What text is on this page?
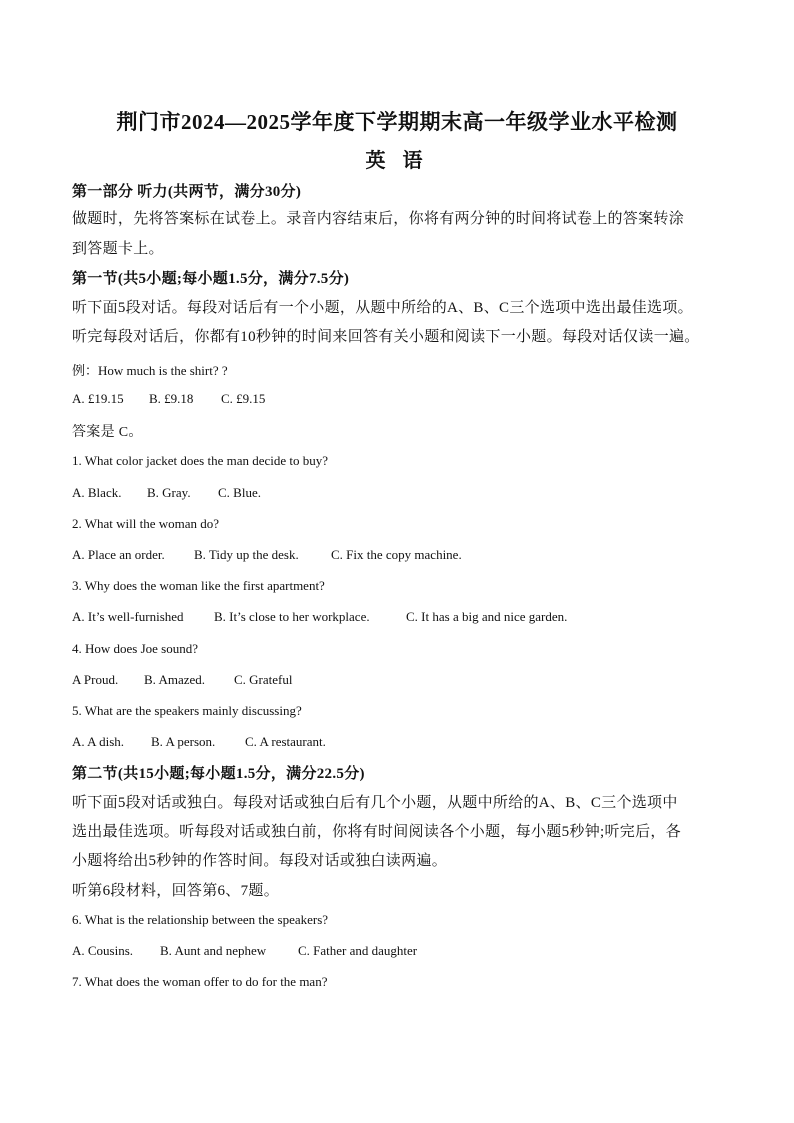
荆门市2024—2025学年度下学期期末高一年级学业水平检测
英 语
第一部分 听力(共两节，满分30分)
做题时，先将答案标在试卷上。录音内容结束后，你将有两分钟的时间将试卷上的答案转涂
到答题卡上。
第一节(共5小题;每小题1.5分，满分7.5分)
听下面5段对话。每段对话后有一个小题，从题中所给的A、B、C三个选项中选出最佳选项。
听完每段对话后，你都有10秒钟的时间来回答有关小题和阅读下一小题。每段对话仅读一遍。
例：How much is the shirt? ?
A. £19.15 B. £9.18 C. £9.15
答案是 C。
1. What color jacket does the man decide to buy?
A. Black. B. Gray. C. Blue.
2. What will the woman do?
A. Place an order. B. Tidy up the desk. C. Fix the copy machine.
3. Why does the woman like the first apartment?
A. It’s well-furnished B. It’s close to her workplace.	C. It has a big and nice garden.
4. How does Joe sound?
A Proud. B. Amazed. C. Grateful
5. What are the speakers mainly discussing?
A. A dish. B. A person. C. A restaurant.
第二节(共15小题;每小题1.5分，满分22.5分)
听下面5段对话或独白。每段对话或独白后有几个小题，从题中所给的A、B、C三个选项中
选出最佳选项。听每段对话或独白前，你将有时间阅读各个小题，每小题5秒钟;听完后，各
小题将给出5秒钟的作答时间。每段对话或独白读两遍。
听第6段材料，回答第6、7题。
6. What is the relationship between the speakers?
A. Cousins. B. Aunt and nephew C. Father and daughter
7. What does the woman offer to do for the man?
